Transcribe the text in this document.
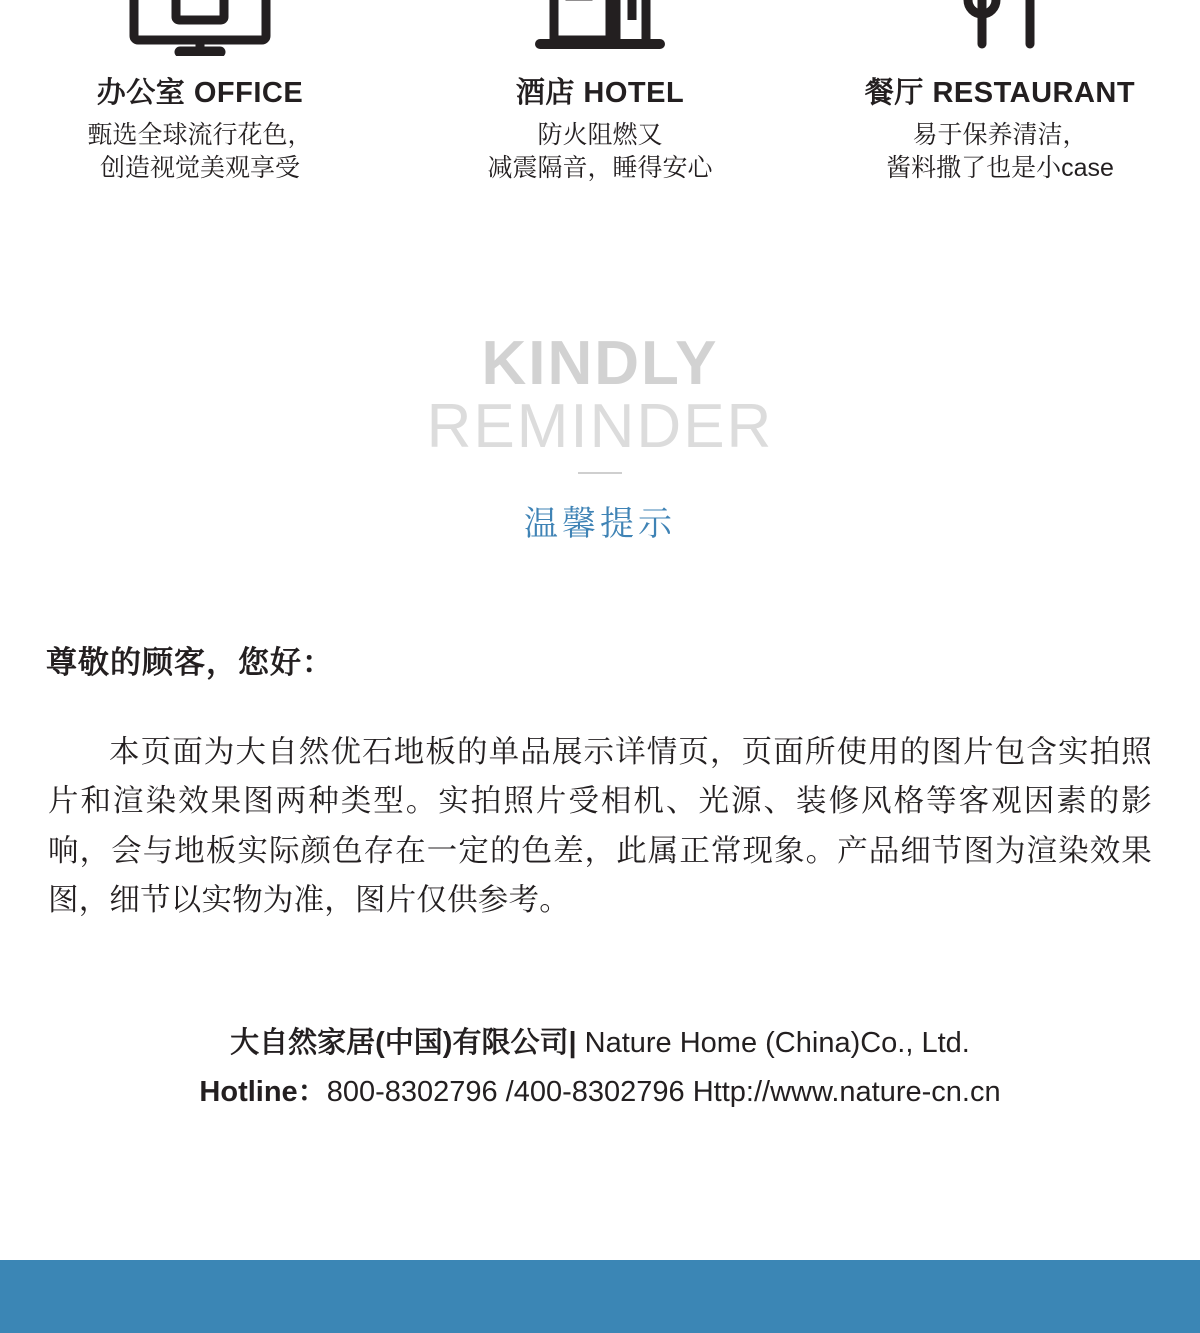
办公室 OFFICE
甄选全球流行花色，
创造视觉美观享受
酒店 HOTEL
防火阻燃又
减震隔音，睡得安心
餐厅 RESTAURANT
易于保养清洁，
酱料撒了也是小case
KINDLY
REMINDER
温馨提示
尊敬的顾客，您好：
本页面为大自然优石地板的单品展示详情页，页面所使用的图片包含实拍照片和渲染效果图两种类型。实拍照片受相机、光源、装修风格等客观因素的影响，会与地板实际颜色存在一定的色差，此属正常现象。产品细节图为渲染效果图，细节以实物为准，图片仅供参考。
大自然家居(中国)有限公司| Nature Home (China)Co., Ltd.
Hotline：800-8302796 /400-8302796 Http://www.nature-cn.cn
